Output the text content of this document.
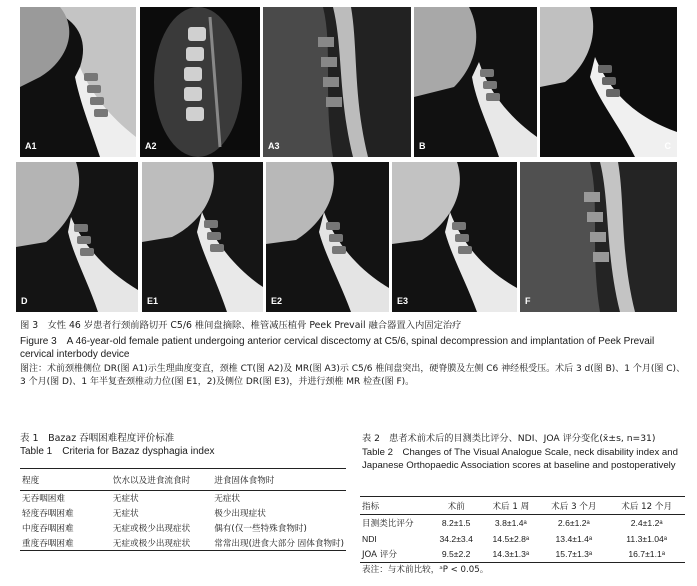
A1	A2	A3	B	C
D	E1	E2	E3	F
图 3　女性 46 岁患者行颈前路切开 C5/6 椎间盘摘除、椎管减压植骨 Peek Prevail 融合器置入内固定治疗
Figure 3　A 46-year-old female patient undergoing anterior cervical discectomy at C5/6, spinal decompression and implantation of Peek Prevail cervical interbody device
图注：术前颈椎侧位 DR(图 A1)示生理曲度变直，颈椎 CT(图 A2)及 MR(图 A3)示 C5/6 椎间盘突出，硬脊膜及左侧 C6 神经根受压。术后 3 d(图 B)、1 个月(图 C)、3 个月(图 D)、1 年半复查颈椎动力位(图 E1，2)及侧位 DR(图 E3)，并进行颈椎 MR 检查(图 F)。
表 1　Bazaz 吞咽困难程度评价标准
Table 1　Criteria for Bazaz dysphagia index
程度	饮水以及进食流食时	进食固体食物时
无吞咽困难	无症状	无症状
轻度吞咽困难	无症状	极少出现症状
中度吞咽困难	无症或极少出现症状	偶有(仅一些特殊食物时)
重度吞咽困难	无症或极少出现症状	常常出现(进食大部分 固体食物时)
表 2　患者术前术后的目测类比评分、NDI、JOA 评分变化(x̄±s, n=31)
Table 2　Changes of The Visual Analogue Scale, neck disability index and Japanese Orthopaedic Association scores at baseline and postoperatively
指标	术前	术后 1 周	术后 3 个月	术后 12 个月
目测类比评分	8.2±1.5	3.8±1.4ᵃ	2.6±1.2ᵃ	2.4±1.2ᵃ
NDI	34.2±3.4	14.5±2.8ᵃ	13.4±1.4ᵃ	11.3±1.04ᵃ
JOA 评分	9.5±2.2	14.3±1.3ᵃ	15.7±1.3ᵃ	16.7±1.1ᵃ
表注：与术前比较，ᵃP < 0.05。
